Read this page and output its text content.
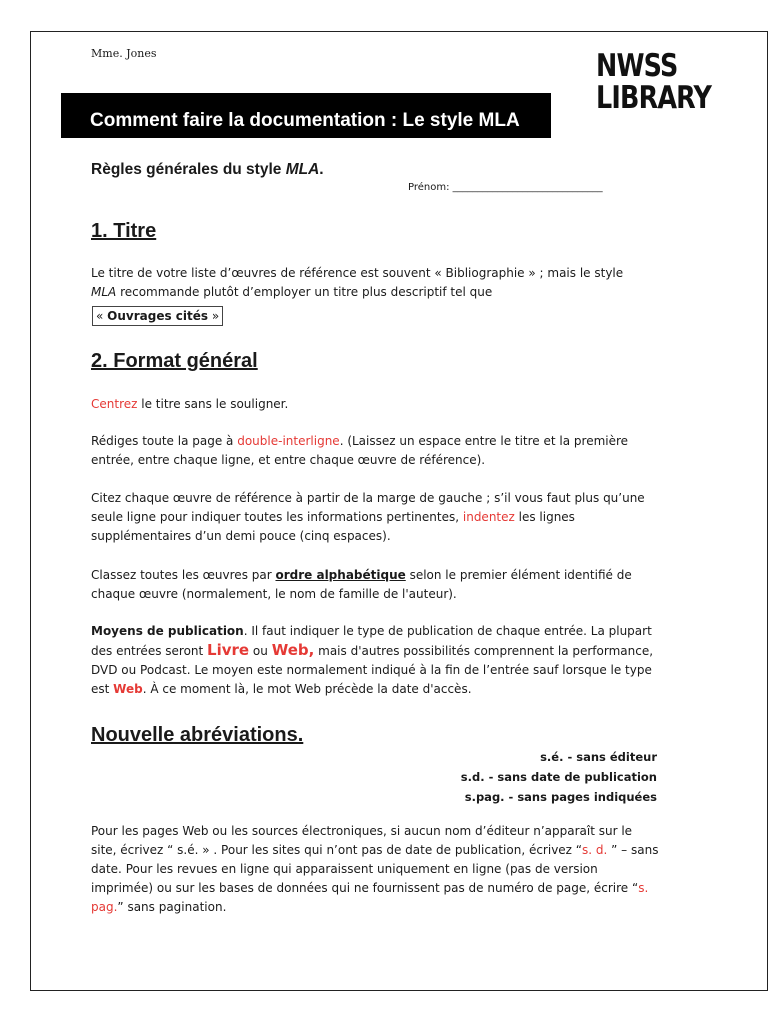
Mme. Jones	NWSS
LIBRARY
Comment faire la documentation : Le style MLA
Règles générales du style MLA.
Prénom: ______________________________
1. Titre
Le titre de votre liste d’œuvres de référence est souvent « Bibliographie » ; mais le style
MLA recommande plutôt d’employer un titre plus descriptif tel que
« Ouvrages cités »
2. Format général
Centrez le titre sans le souligner.
Rédiges toute la page à double-interligne. (Laissez un espace entre le titre et la première entrée, entre chaque ligne, et entre chaque œuvre de référence).
Citez chaque œuvre de référence à partir de la marge de gauche ; s’il vous faut plus qu’une seule ligne pour indiquer toutes les informations pertinentes, indentez les lignes supplémentaires d’un demi pouce (cinq espaces).
Classez toutes les œuvres par ordre alphabétique selon le premier élément identifié de chaque œuvre (normalement, le nom de famille de l'auteur).
Moyens de publication. Il faut indiquer le type de publication de chaque entrée. La plupart des entrées seront Livre ou Web, mais d'autres possibilités comprennent la performance, DVD ou Podcast. Le moyen este normalement indiqué à la fin de l’entrée sauf lorsque le type est Web. À ce moment là, le mot Web précède la date d'accès.
Nouvelle abréviations.
s.é. - sans éditeur
s.d. - sans date de publication
s.pag. - sans pages indiquées
Pour les pages Web ou les sources électroniques, si aucun nom d’éditeur n’apparaît sur le site, écrivez “ s.é. » . Pour les sites qui n’ont pas de date de publication, écrivez “s. d. ” – sans date. Pour les revues en ligne qui apparaissent uniquement en ligne (pas de version imprimée) ou sur les bases de données qui ne fournissent pas de numéro de page, écrire “s. pag.” sans pagination.
